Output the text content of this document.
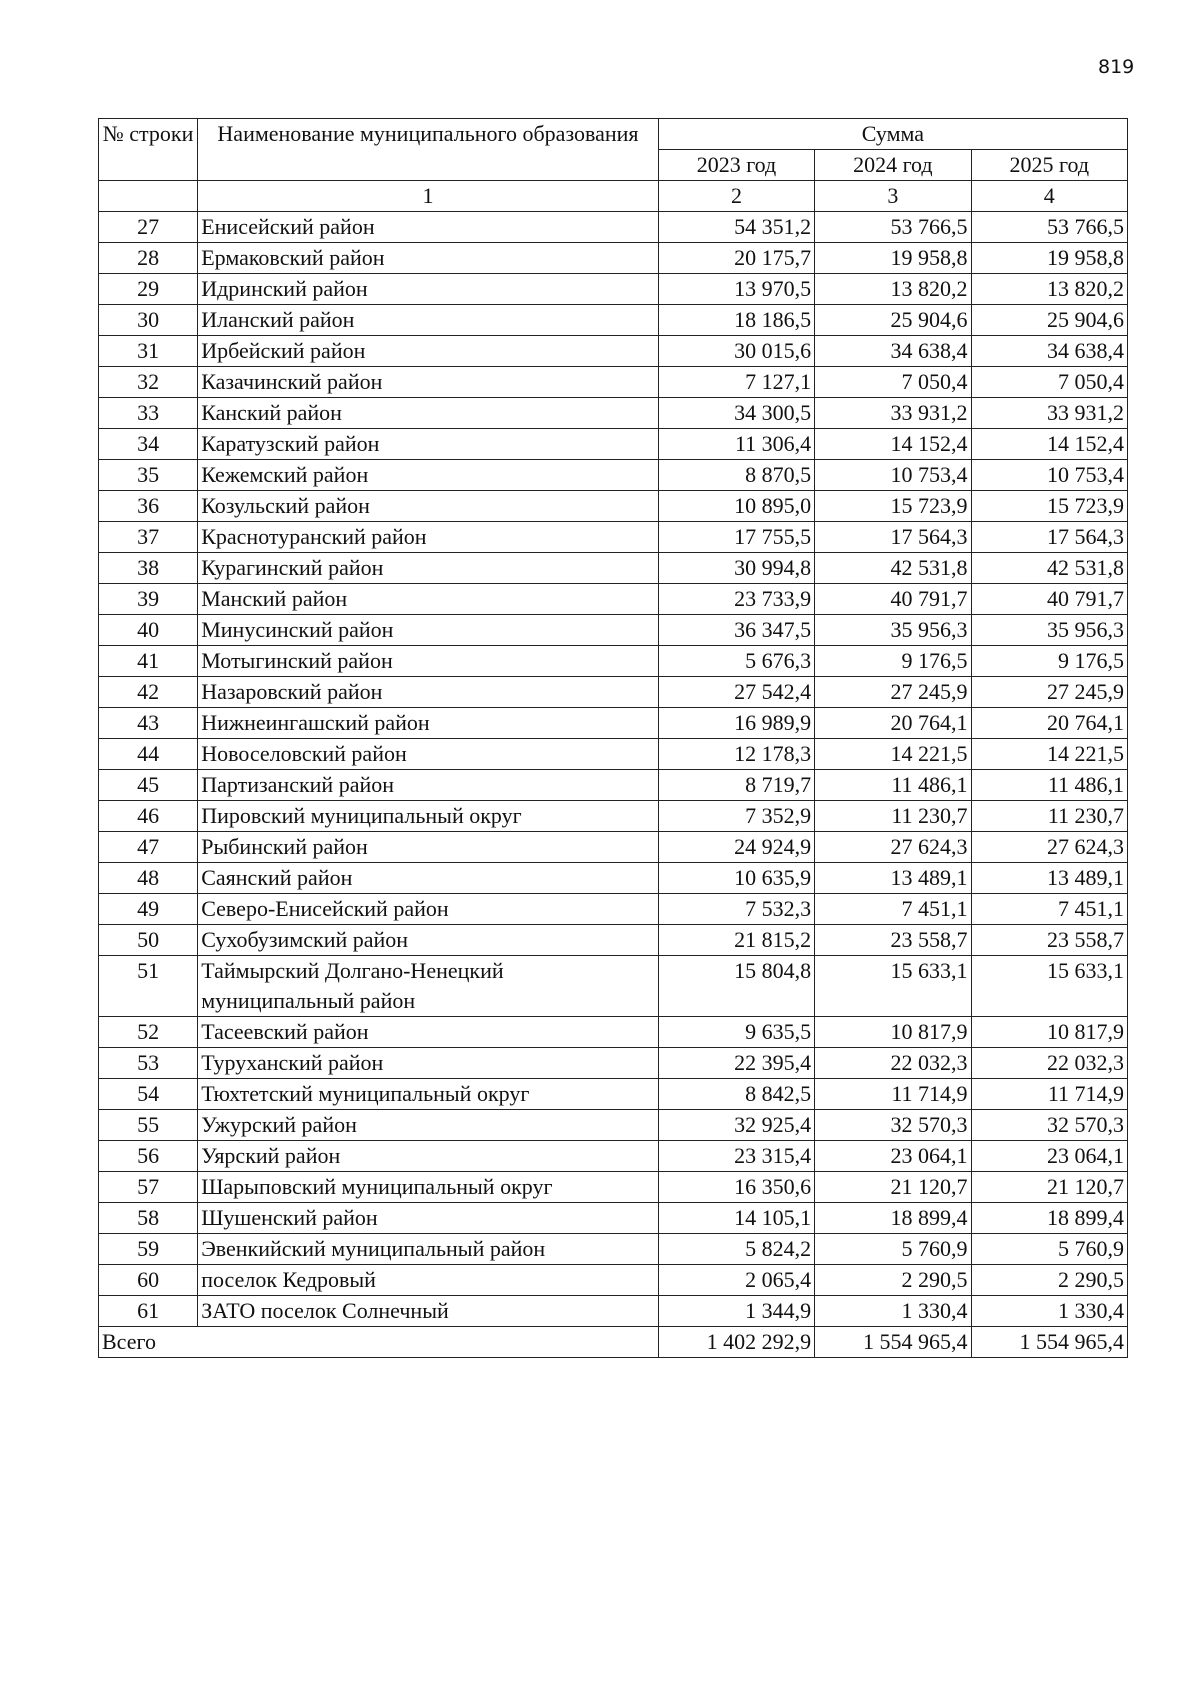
819
№ строки	Наименование муниципального образования	Сумма		
		2023 год	2024 год	2025 год
	1	2	3	4
27	Енисейский район	54 351,2	53 766,5	53 766,5
28	Ермаковский район	20 175,7	19 958,8	19 958,8
29	Идринский район	13 970,5	13 820,2	13 820,2
30	Иланский район	18 186,5	25 904,6	25 904,6
31	Ирбейский район	30 015,6	34 638,4	34 638,4
32	Казачинский район	7 127,1	7 050,4	7 050,4
33	Канский район	34 300,5	33 931,2	33 931,2
34	Каратузский район	11 306,4	14 152,4	14 152,4
35	Кежемский район	8 870,5	10 753,4	10 753,4
36	Козульский район	10 895,0	15 723,9	15 723,9
37	Краснотуранский район	17 755,5	17 564,3	17 564,3
38	Курагинский район	30 994,8	42 531,8	42 531,8
39	Манский район	23 733,9	40 791,7	40 791,7
40	Минусинский район	36 347,5	35 956,3	35 956,3
41	Мотыгинский район	5 676,3	9 176,5	9 176,5
42	Назаровский район	27 542,4	27 245,9	27 245,9
43	Нижнеингашский район	16 989,9	20 764,1	20 764,1
44	Новоселовский район	12 178,3	14 221,5	14 221,5
45	Партизанский район	8 719,7	11 486,1	11 486,1
46	Пировский муниципальный округ	7 352,9	11 230,7	11 230,7
47	Рыбинский район	24 924,9	27 624,3	27 624,3
48	Саянский район	10 635,9	13 489,1	13 489,1
49	Северо-Енисейский район	7 532,3	7 451,1	7 451,1
50	Сухобузимский район	21 815,2	23 558,7	23 558,7
51	Таймырский Долгано-Ненецкий муниципальный район	15 804,8	15 633,1	15 633,1
52	Тасеевский район	9 635,5	10 817,9	10 817,9
53	Туруханский район	22 395,4	22 032,3	22 032,3
54	Тюхтетский муниципальный округ	8 842,5	11 714,9	11 714,9
55	Ужурский район	32 925,4	32 570,3	32 570,3
56	Уярский район	23 315,4	23 064,1	23 064,1
57	Шарыповский муниципальный округ	16 350,6	21 120,7	21 120,7
58	Шушенский район	14 105,1	18 899,4	18 899,4
59	Эвенкийский муниципальный район	5 824,2	5 760,9	5 760,9
60	поселок Кедровый	2 065,4	2 290,5	2 290,5
61	ЗАТО поселок Солнечный	1 344,9	1 330,4	1 330,4
Всего		1 402 292,9	1 554 965,4	1 554 965,4
